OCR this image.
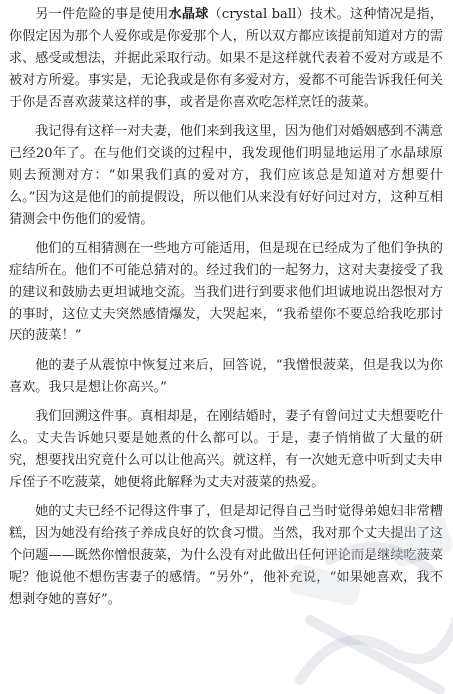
另一件危险的事是使用水晶球（crystal ball）技术。这种情况是指，你假定因为那个人爱你或是你爱那个人，所以双方都应该提前知道对方的需求、感受或想法，并据此采取行动。如果不是这样就代表着不爱对方或是不被对方所爱。事实是，无论我或是你有多爱对方，爱都不可能告诉我任何关于你是否喜欢菠菜这样的事，或者是你喜欢吃怎样烹饪的菠菜。

我记得有这样一对夫妻，他们来到我这里，因为他们对婚姻感到不满意已经20年了。在与他们交谈的过程中，我发现他们明显地运用了水晶球原则去预测对方：“如果我们真的爱对方，我们应该总是知道对方想要什么。”因为这是他们的前提假设，所以他们从来没有好好问过对方，这种互相猜测会中伤他们的爱情。

他们的互相猜测在一些地方可能适用，但是现在已经成为了他们争执的症结所在。他们不可能总猜对的。经过我们的一起努力，这对夫妻接受了我的建议和鼓励去更坦诚地交流。当我们进行到要求他们坦诚地说出怨恨对方的事时，这位丈夫突然感情爆发，大哭起来，“我希望你不要总给我吃那讨厌的菠菜！”

他的妻子从震惊中恢复过来后，回答说，“我憎恨菠菜，但是我以为你喜欢。我只是想让你高兴。”

我们回溯这件事。真相却是，在刚结婚时，妻子有曾问过丈夫想要吃什么。丈夫告诉她只要是她煮的什么都可以。于是，妻子悄悄做了大量的研究，想要找出究竟什么可以让他高兴。就这样，有一次她无意中听到丈夫申斥侄子不吃菠菜，她便将此解释为丈夫对菠菜的热爱。

她的丈夫已经不记得这件事了，但是却记得自己当时觉得弟媳妇非常糟糕，因为她没有给孩子养成良好的饮食习惯。当然，我对那个丈夫提出了这个问题——既然你憎恨菠菜，为什么没有对此做出任何评论而是继续吃菠菜呢？他说他不想伤害妻子的感情。“另外”，他补充说，“如果她喜欢，我不想剥夺她的喜好”。
